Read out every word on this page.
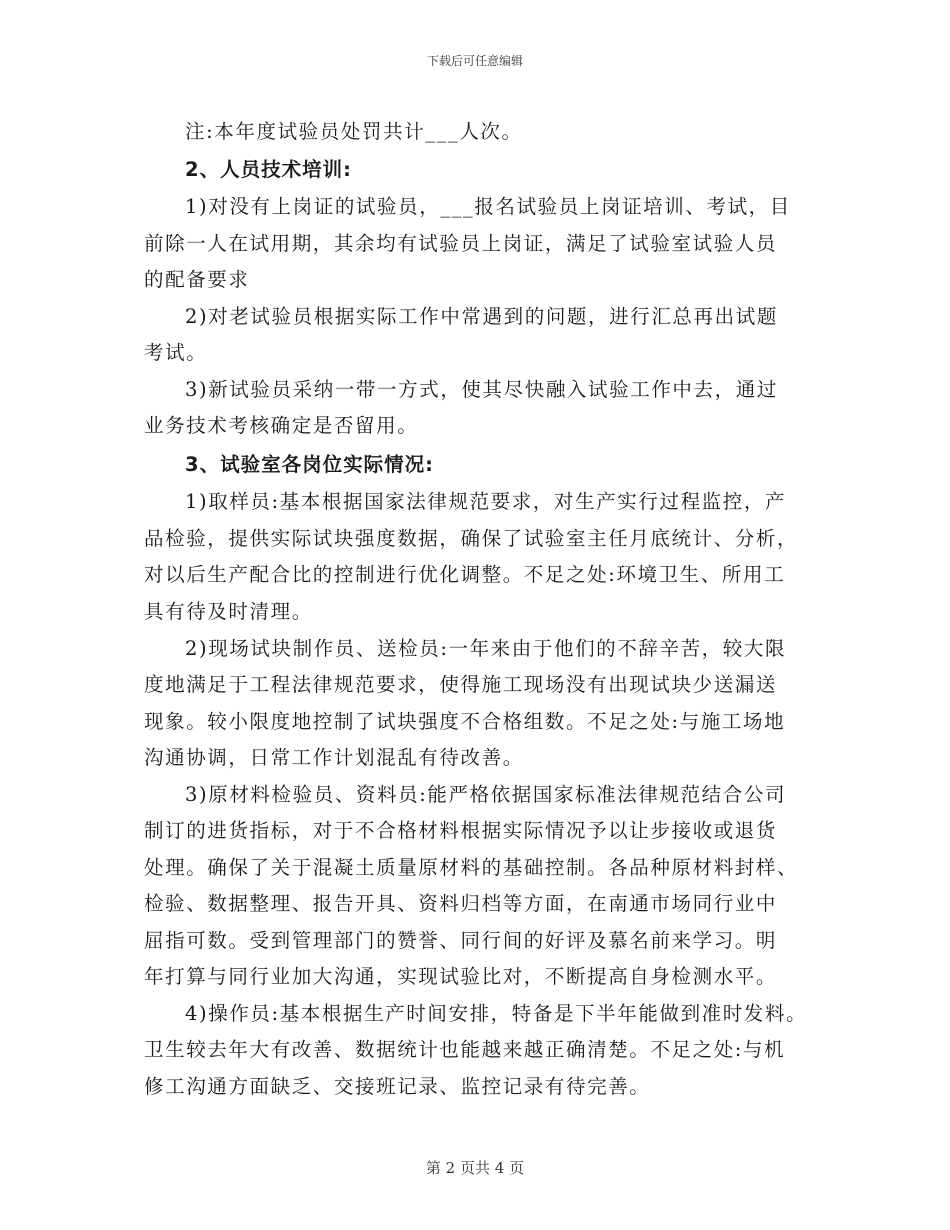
下载后可任意编辑
注:本年度试验员处罚共计___人次。
2、人员技术培训:
1)对没有上岗证的试验员，___报名试验员上岗证培训、考试，目
前除一人在试用期，其余均有试验员上岗证，满足了试验室试验人员
的配备要求
2)对老试验员根据实际工作中常遇到的问题，进行汇总再出试题
考试。
3)新试验员采纳一带一方式，使其尽快融入试验工作中去，通过
业务技术考核确定是否留用。
3、试验室各岗位实际情况:
1)取样员:基本根据国家法律规范要求，对生产实行过程监控，产
品检验，提供实际试块强度数据，确保了试验室主任月底统计、分析，
对以后生产配合比的控制进行优化调整。不足之处:环境卫生、所用工
具有待及时清理。
2)现场试块制作员、送检员:一年来由于他们的不辞辛苦，较大限
度地满足于工程法律规范要求，使得施工现场没有出现试块少送漏送
现象。较小限度地控制了试块强度不合格组数。不足之处:与施工场地
沟通协调，日常工作计划混乱有待改善。
3)原材料检验员、资料员:能严格依据国家标准法律规范结合公司
制订的进货指标，对于不合格材料根据实际情况予以让步接收或退货
处理。确保了关于混凝土质量原材料的基础控制。各品种原材料封样、
检验、数据整理、报告开具、资料归档等方面，在南通市场同行业中
屈指可数。受到管理部门的赞誉、同行间的好评及慕名前来学习。明
年打算与同行业加大沟通，实现试验比对，不断提高自身检测水平。
4)操作员:基本根据生产时间安排，特备是下半年能做到准时发料。
卫生较去年大有改善、数据统计也能越来越正确清楚。不足之处:与机
修工沟通方面缺乏、交接班记录、监控记录有待完善。
第 2 页共 4 页
